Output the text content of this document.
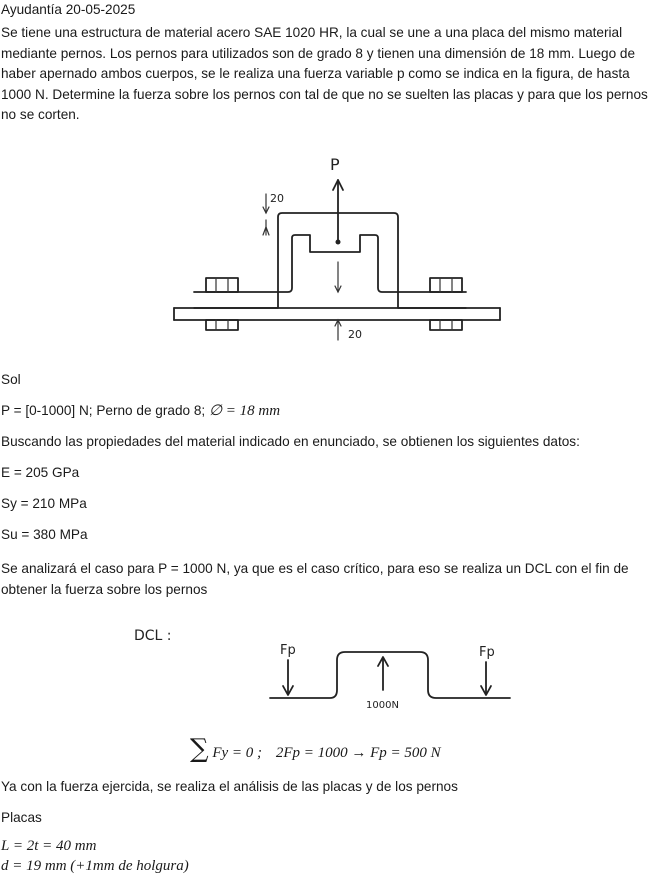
Ayudantía 20-05-2025
Se tiene una estructura de material acero SAE 1020 HR, la cual se une a una placa del mismo material mediante pernos. Los pernos para utilizados son de grado 8 y tienen una dimensión de 18 mm. Luego de haber apernado ambos cuerpos, se le realiza una fuerza variable p como se indica en la figura, de hasta 1000 N. Determine la fuerza sobre los pernos con tal de que no se suelten las placas y para que los pernos no se corten.
P
20
20
Sol
P = [0-1000] N; Perno de grado 8; ∅ = 18 mm
Buscando las propiedades del material indicado en enunciado, se obtienen los siguientes datos:
E = 205 GPa
Sy = 210 MPa
Su = 380 MPa
Se analizará el caso para P = 1000 N, ya que es el caso crítico, para eso se realiza un DCL con el fin de obtener la fuerza sobre los pernos
DCL :
Fp	Fp
1000N
∑ Fy = 0 ; 2Fp = 1000 → Fp = 500 N
Ya con la fuerza ejercida, se realiza el análisis de las placas y de los pernos
Placas
L = 2t = 40 mm
d = 19 mm (+1mm de holgura)
